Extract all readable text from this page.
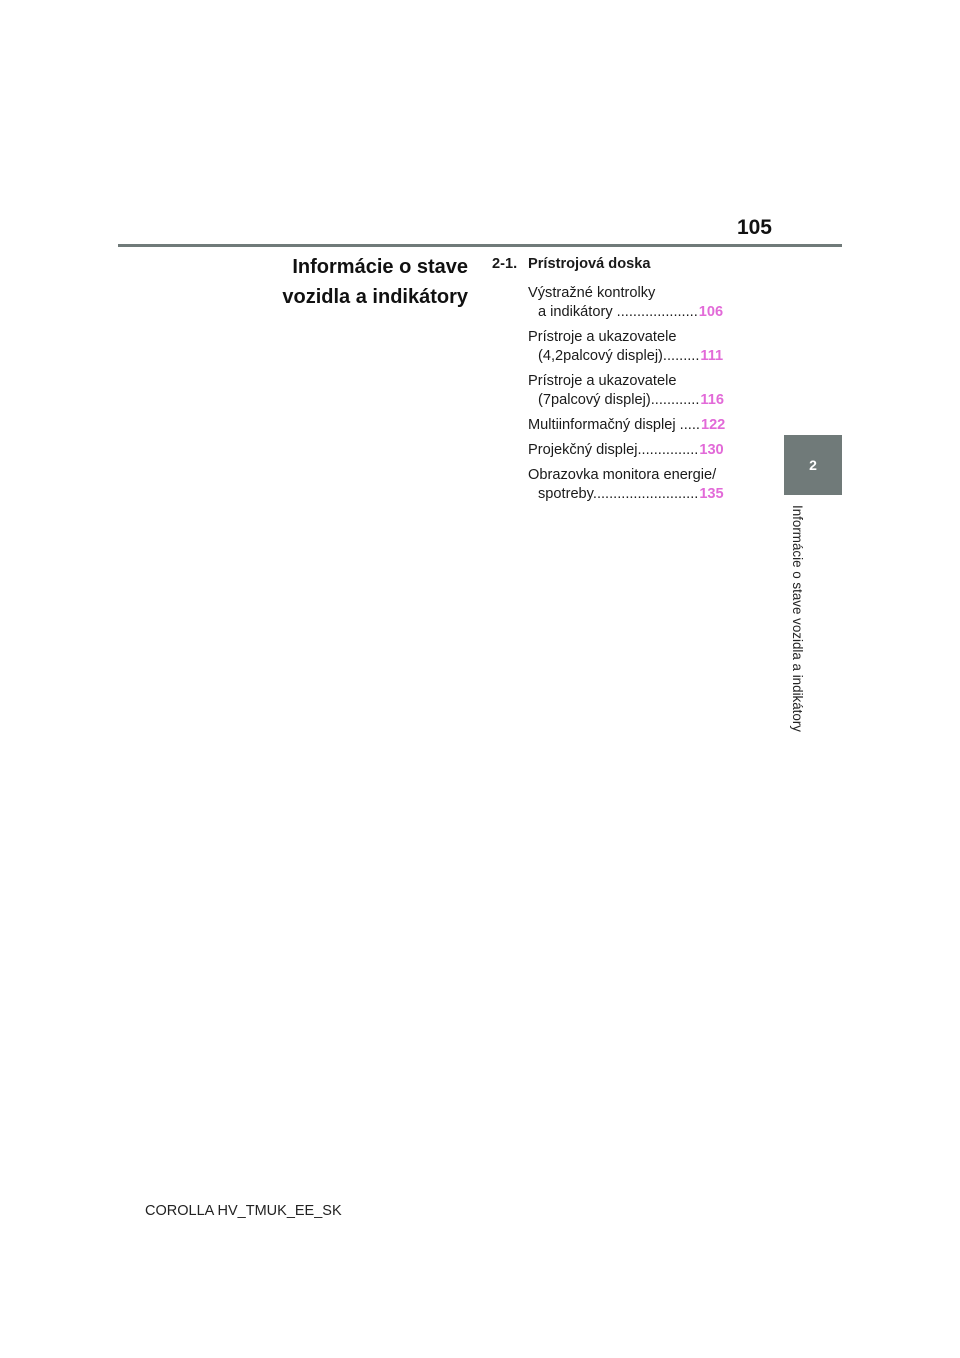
105
Informácie o stave
vozidla a indikátory
2-1. Prístrojová doska
Výstražné kontrolky
a indikátory ....................106
Prístroje a ukazovatele
(4,2palcový displej).........111
Prístroje a ukazovatele
(7palcový displej)............116
Multiinformačný displej .....122
Projekčný displej...............130
Obrazovka monitora energie/
spotreby..........................135
2
Informácie o stave vozidla a indikátory
COROLLA HV_TMUK_EE_SK
